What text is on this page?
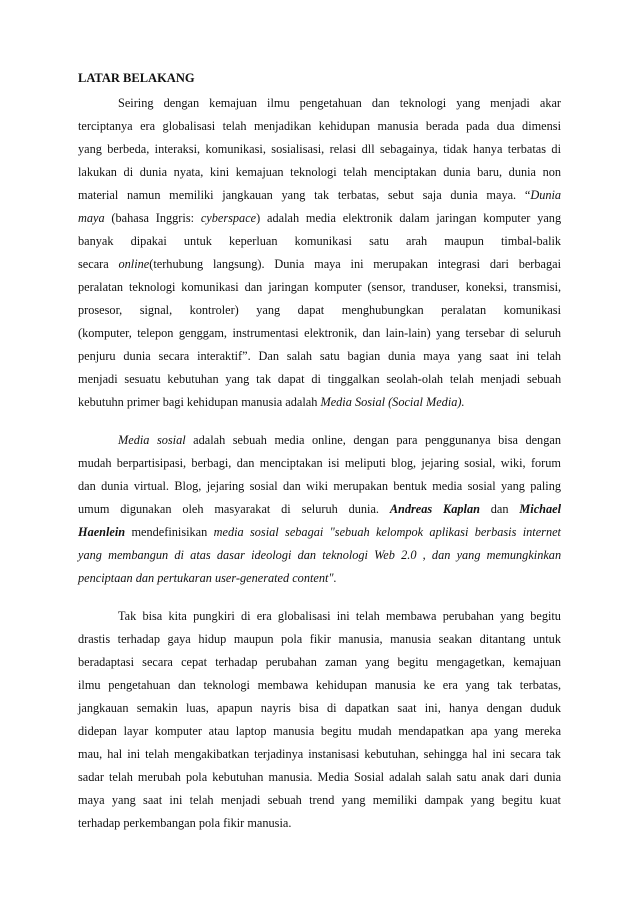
LATAR BELAKANG
Seiring dengan kemajuan ilmu pengetahuan dan teknologi yang menjadi akar
terciptanya era globalisasi telah menjadikan kehidupan manusia berada pada dua dimensi
yang berbeda, interaksi, komunikasi, sosialisasi, relasi dll sebagainya, tidak hanya terbatas di
lakukan di dunia nyata, kini kemajuan teknologi telah menciptakan dunia baru, dunia non
material namun memiliki jangkauan yang tak terbatas, sebut saja dunia maya. “Dunia
maya (bahasa Inggris: cyberspace) adalah media elektronik dalam jaringan komputer yang
banyak dipakai untuk keperluan komunikasi satu arah maupun timbal-balik
secara online(terhubung langsung). Dunia maya ini merupakan integrasi dari berbagai
peralatan teknologi komunikasi dan jaringan komputer (sensor, tranduser, koneksi, transmisi,
prosesor, signal, kontroler) yang dapat menghubungkan peralatan komunikasi
(komputer, telepon genggam, instrumentasi elektronik, dan lain-lain) yang tersebar di seluruh
penjuru dunia secara interaktif”. Dan salah satu bagian dunia maya yang saat ini telah
menjadi sesuatu kebutuhan yang tak dapat di tinggalkan seolah-olah telah menjadi sebuah
kebutuhn primer bagi kehidupan manusia adalah Media Sosial (Social Media).
Media sosial adalah sebuah media online, dengan para penggunanya bisa dengan
mudah berpartisipasi, berbagi, dan menciptakan isi meliputi blog, jejaring sosial, wiki, forum
dan dunia virtual. Blog, jejaring sosial dan wiki merupakan bentuk media sosial yang paling
umum digunakan oleh masyarakat di seluruh dunia. Andreas Kaplan dan Michael
Haenlein mendefinisikan media sosial sebagai "sebuah kelompok aplikasi berbasis internet
yang membangun di atas dasar ideologi dan teknologi Web 2.0 , dan yang memungkinkan
penciptaan dan pertukaran user-generated content".
Tak bisa kita pungkiri di era globalisasi ini telah membawa perubahan yang begitu
drastis terhadap gaya hidup maupun pola fikir manusia, manusia seakan ditantang untuk
beradaptasi secara cepat terhadap perubahan zaman yang begitu mengagetkan, kemajuan
ilmu pengetahuan dan teknologi membawa kehidupan manusia ke era yang tak terbatas,
jangkauan semakin luas, apapun nayris bisa di dapatkan saat ini, hanya dengan duduk
didepan layar komputer atau laptop manusia begitu mudah mendapatkan apa yang mereka
mau, hal ini telah mengakibatkan terjadinya instanisasi kebutuhan, sehingga hal ini secara tak
sadar telah merubah pola kebutuhan manusia. Media Sosial adalah salah satu anak dari dunia
maya yang saat ini telah menjadi sebuah trend yang memiliki dampak yang begitu kuat
terhadap perkembangan pola fikir manusia.
